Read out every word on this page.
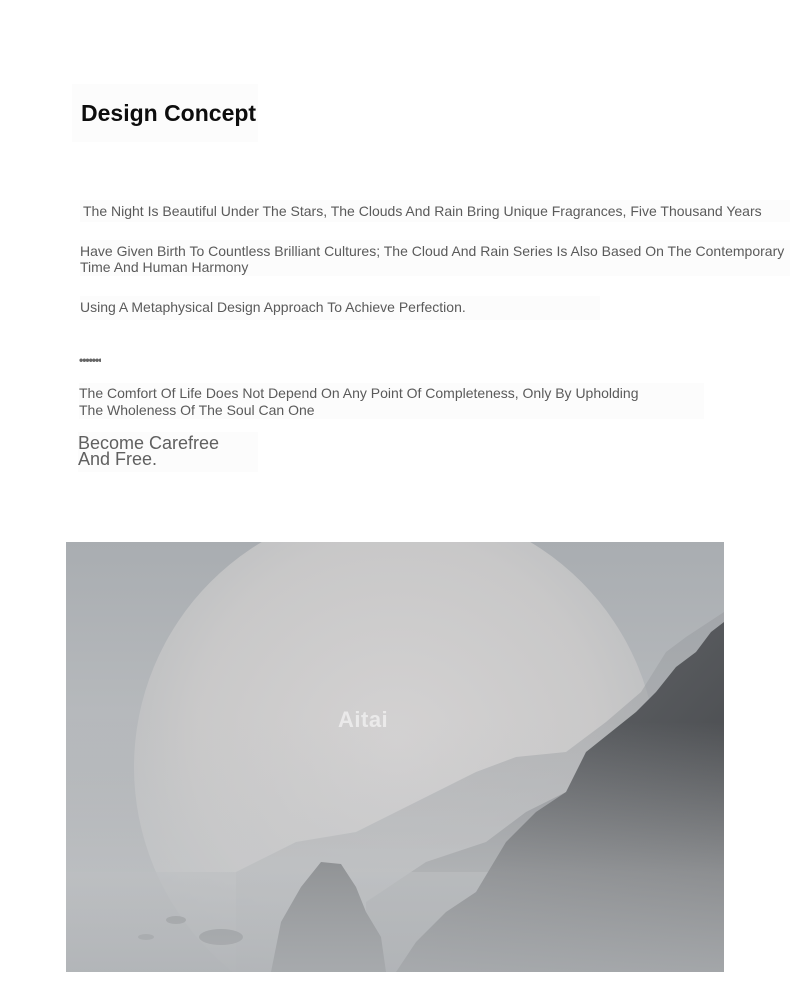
Design Concept
The Night Is Beautiful Under The Stars, The Clouds And Rain Bring Unique Fragrances, Five Thousand Years
Have Given Birth To Countless Brilliant Cultures; The Cloud And Rain Series Is Also Based On The Contemporary
Time And Human Harmony
Using A Metaphysical Design Approach To Achieve Perfection.
•••••••
The Comfort Of Life Does Not Depend On Any Point Of Completeness, Only By Upholding
The Wholeness Of The Soul Can One
Become Carefree
And Free.
Aitai
